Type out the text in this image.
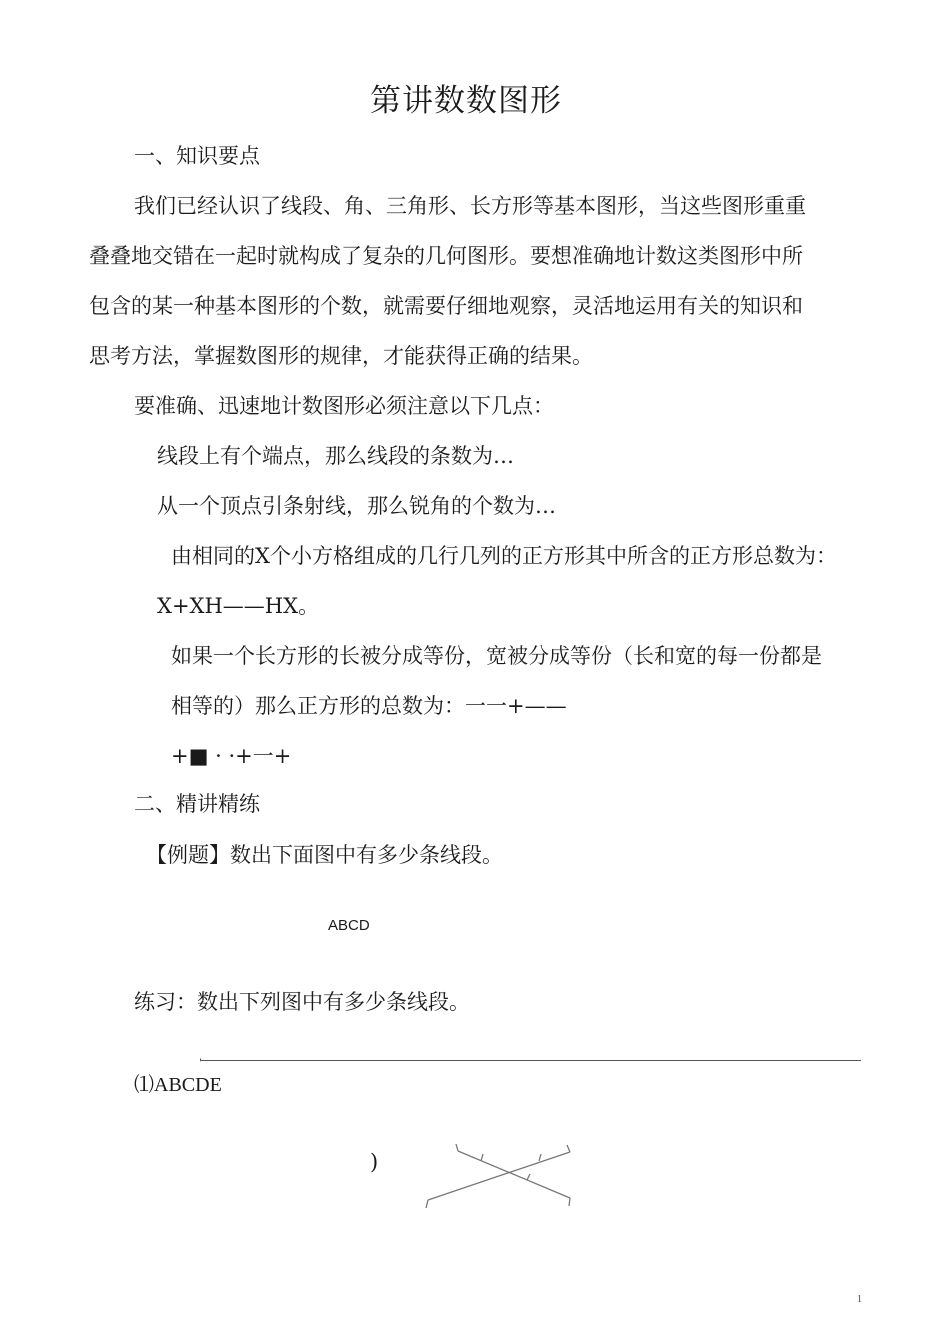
第讲数数图形
一、知识要点
我们已经认识了线段、角、三角形、长方形等基本图形，当这些图形重重
叠叠地交错在一起时就构成了复杂的几何图形。要想准确地计数这类图形中所
包含的某一种基本图形的个数，就需要仔细地观察，灵活地运用有关的知识和
思考方法，掌握数图形的规律，才能获得正确的结果。
要准确、迅速地计数图形必须注意以下几点：
线段上有个端点，那么线段的条数为…
从一个顶点引条射线，那么锐角的个数为…
由相同的X个小方格组成的几行几列的正方形其中所含的正方形总数为：
X+XH——HX。
如果一个长方形的长被分成等份，宽被分成等份（长和宽的每一份都是
相等的）那么正方形的总数为：一一+——
+■ · ·+一+
二、精讲精练
【例题】数出下面图中有多少条线段。
ABCD
练习：数出下列图中有多少条线段。
'
⑴ABCDE
)
1
